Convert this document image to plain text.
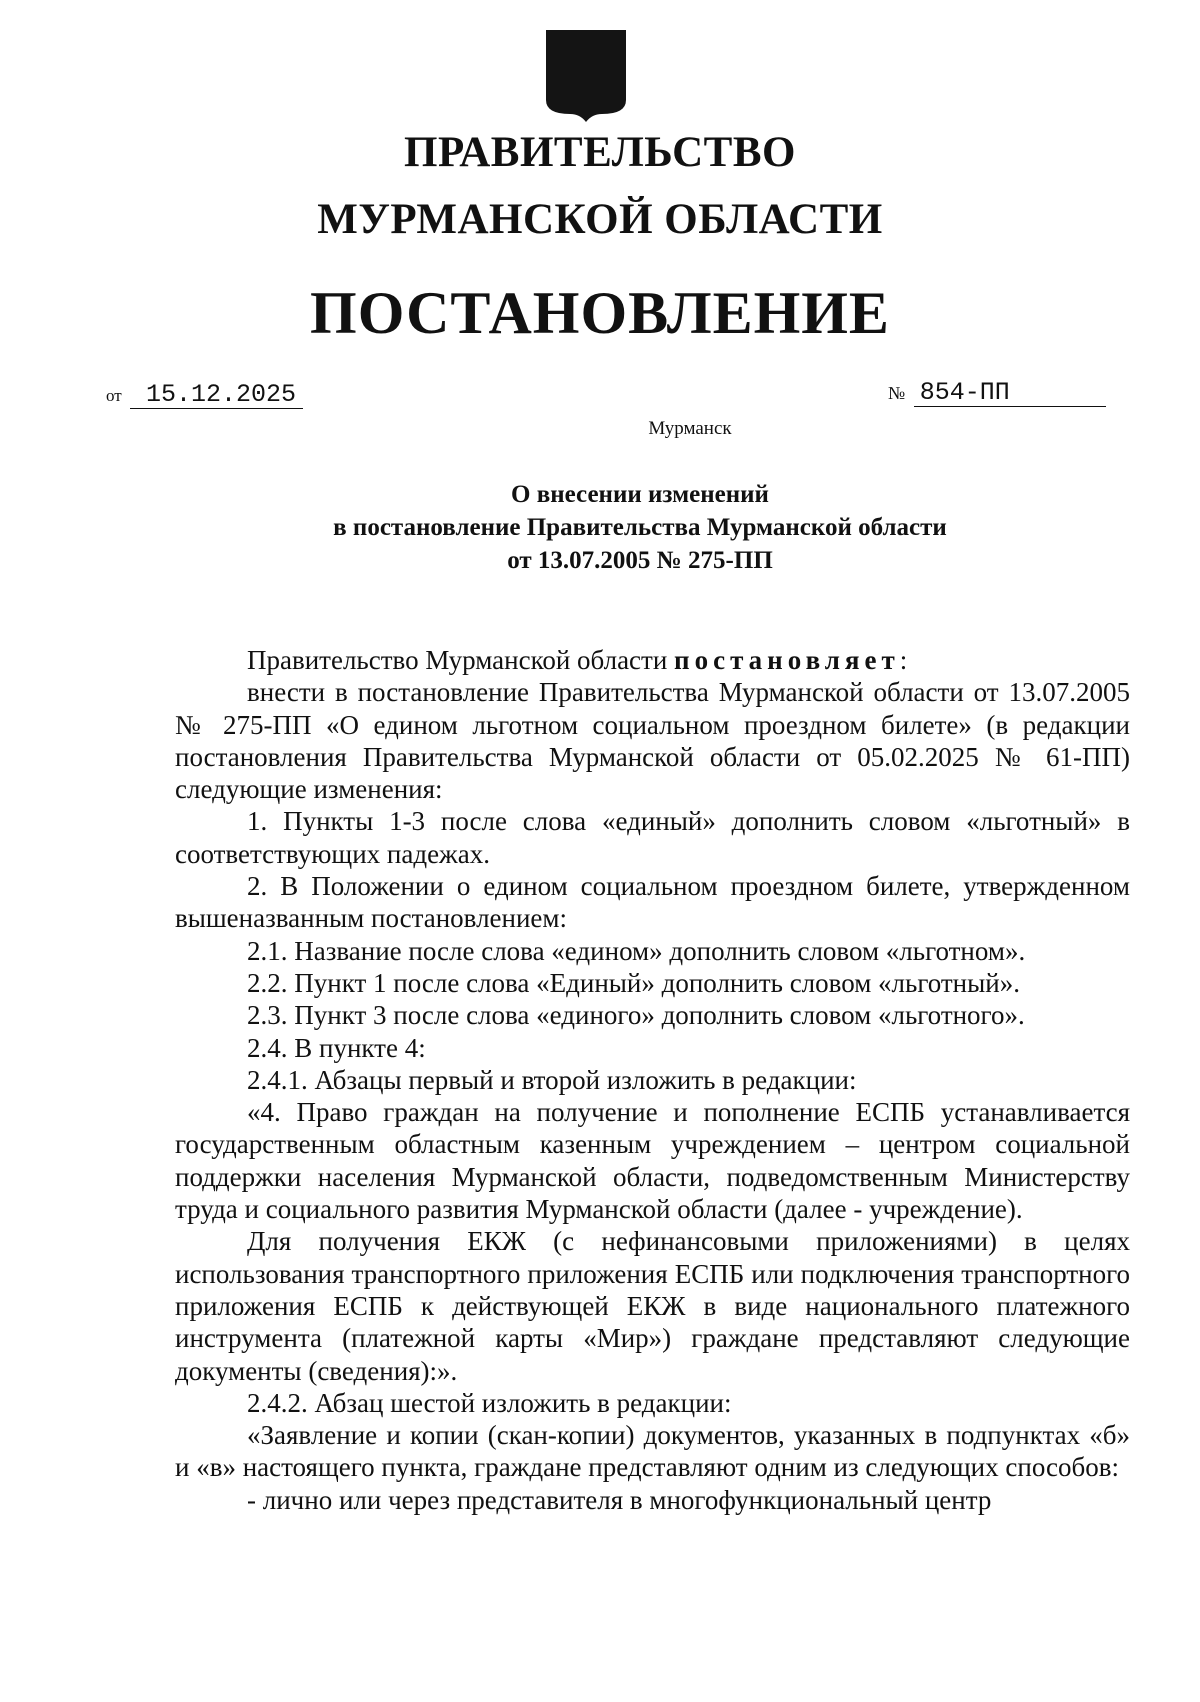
ПРАВИТЕЛЬСТВО
МУРМАНСКОЙ ОБЛАСТИ
ПОСТАНОВЛЕНИЕ
от 15.12.2025	№ 854-ПП
Мурманск
О внесении изменений
в постановление Правительства Мурманской области
от 13.07.2005 № 275-ПП

Правительство Мурманской области постановляет:

внести в постановление Правительства Мурманской области от 13.07.2005 № 275-ПП «О едином льготном социальном проездном билете» (в редакции постановления Правительства Мурманской области от 05.02.2025 № 61-ПП) следующие изменения:

1. Пункты 1-3 после слова «единый» дополнить словом «льготный» в соответствующих падежах.

2. В Положении о едином социальном проездном билете, утвержденном вышеназванным постановлением:

2.1. Название после слова «едином» дополнить словом «льготном».

2.2. Пункт 1 после слова «Единый» дополнить словом «льготный».

2.3. Пункт 3 после слова «единого» дополнить словом «льготного».

2.4. В пункте 4:

2.4.1. Абзацы первый и второй изложить в редакции:

«4. Право граждан на получение и пополнение ЕСПБ устанавливается государственным областным казенным учреждением – центром социальной поддержки населения Мурманской области, подведомственным Министерству труда и социального развития Мурманской области (далее - учреждение).

Для получения ЕКЖ (с нефинансовыми приложениями) в целях использования транспортного приложения ЕСПБ или подключения транспортного приложения ЕСПБ к действующей ЕКЖ в виде национального платежного инструмента (платежной карты «Мир») граждане представляют следующие документы (сведения):».

2.4.2. Абзац шестой изложить в редакции:

«Заявление и копии (скан-копии) документов, указанных в подпунктах «б» и «в» настоящего пункта, граждане представляют одним из следующих способов:

- лично или через представителя в многофункциональный центр
